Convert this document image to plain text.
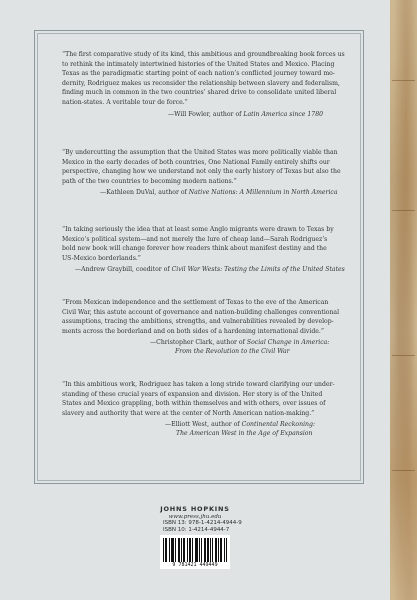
“The first comparative study of its kind, this ambitious and groundbreaking book forces us
to rethink the intimately intertwined histories of the United States and Mexico. Placing
Texas as the paradigmatic starting point of each nation’s conflicted journey toward mo-
dernity, Rodriguez makes us reconsider the relationship between slavery and federalism,
finding much in common in the two countries’ shared drive to consolidate united liberal
nation-states. A veritable tour de force.”
—Will Fowler, author of Latin America since 1780
“By undercutting the assumption that the United States was more politically viable than
Mexico in the early decades of both countries, One National Family entirely shifts our
perspective, changing how we understand not only the early history of Texas but also the
path of the two countries to becoming modern nations.”
—Kathleen DuVal, author of Native Nations: A Millennium in North America
“In taking seriously the idea that at least some Anglo migrants were drawn to Texas by
Mexico’s political system—and not merely the lure of cheap land—Sarah Rodriguez’s
bold new book will change forever how readers think about manifest destiny and the
US-Mexico borderlands.”
—Andrew Graybill, coeditor of Civil War Wests: Testing the Limits of the United States
“From Mexican independence and the settlement of Texas to the eve of the American
Civil War, this astute account of governance and nation-building challenges conventional
assumptions, tracing the ambitions, strengths, and vulnerabilities revealed by develop-
ments across the borderland and on both sides of a hardening international divide.”
—Christopher Clark, author of Social Change in America:
From the Revolution to the Civil War
“In this ambitious work, Rodriguez has taken a long stride toward clarifying our under-
standing of these crucial years of expansion and division. Her story is of the United
States and Mexico grappling, both within themselves and with others, over issues of
slavery and authority that were at the center of North American nation-making.”
—Elliott West, author of Continental Reckoning:
The American West in the Age of Expansion
JOHNS HOPKINS
www.press.jhu.edu
ISBN 13: 978-1-4214-4944-9
ISBN 10: 1-4214-4944-7
9 781421 449449
